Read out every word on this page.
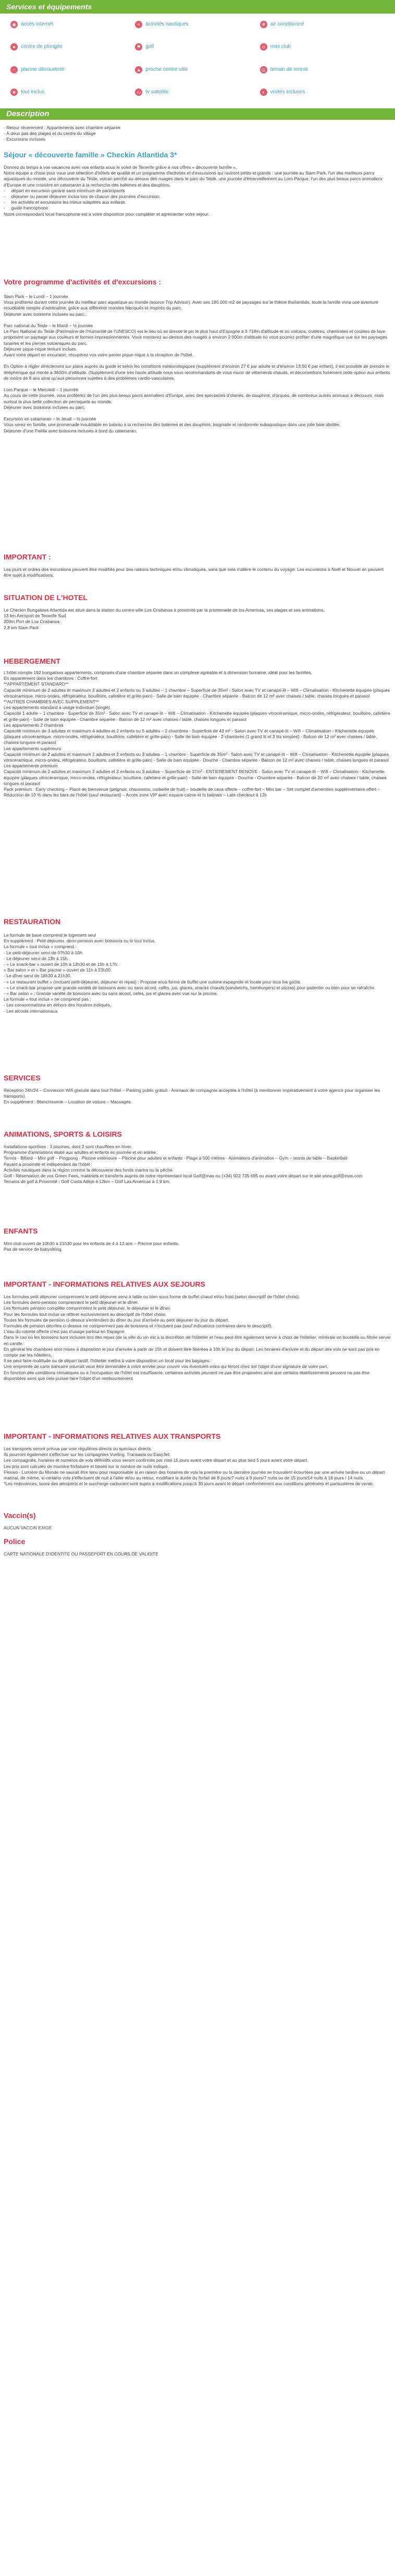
Services et équipements
◉ accès internet	≈	activités nautiques	✻ air conditionné
●	centre de plongée	⚑ golf	☺ mini club
~	piscine découverte	▲ proche centre ville	◎ terrain de tennis
★ tout inclus	▭ tv satellite	◐	visites incluses
Description
- Retour récemment : Appartements avec chambre séparée
- À deux pas des plages et du centre du village
- Excursions incluses
Séjour « découverte famille » Checkin Atlantida 3*
Donnez du temps à vos vacances avec vos enfants sous le soleil de Tenerife grâce à nos offres « découverte famille ».
Notre équipe a choisi pour vous une sélection d'hôtels de qualité et un programme d'activités et d'excursions qui raviront petits et grands : une journée au Siam Park, l'un des meilleurs parcs aquatiques du monde, une découverte du Teide, volcan perché au-dessus des nuages dans le parc du Teide, une journée d'émerveillement au Loro Parque, l'un des plus beaux parcs animaliers d'Europe et une croisière en catamaran à la recherche des baleines et des dauphins.
-     départ en excursion garanti sans minimum de participants
-     déjeuner ou panier déjeuner inclus lors de chacun des journées d'excursion.
-     les activités et excursions les mieux adaptées aux enfants.
-     guide francophone
Notre correspondant local francophone est à votre disposition pour compléter et agrémenter votre séjour.
Votre programme d'activités et d'excursions :
Siam Park – le Lundi – 1 journée
Vous profiterez durant cette journée du meilleur parc aquatique au monde (source Trip Advisor). Avec ses 185 000 m2 de paysages sur le thème thaïlandais, toute la famille vivra une aventure inoubliable remplie d'adrénaline, grâce aux différents mondes fabriqués et inspirés du parc.
Déjeuner avec boissons incluses au parc.

Parc national du Teide – le Mardi – ½ journée
Le Parc National du Teide (Patrimoine de l'Humanité de l'UNESCO) est le lieu où se dresse le pic le plus haut d'Espagne à 3 718m d'altitude et où volcans, cratères, cheminées et coulées de lave proposent un paysage aux couleurs et formes impressionnantes. Vous monterez au-dessus des nuages à environ 2 000m d'altitude où vous pourrez profiter d'une magnifique vue sur les paysages lunaires et les pierres volcaniques du parc.
Déjeuner pique-nique tenture inclues.
Avant votre départ en excursion, récupérez vos votre panier pique-nique à la réception de l'hôtel.

En Option à régler directement sur place auprès du guide et selon les conditions météorologiques (supplément d'environ 27 € par adulte et d'environ 13,50 € par enfant), il est possible de prendre le téléphérique qui monte à 3600m d'altitude. (Supplément d'une très haute altitude nous vous recommandons de vous munir de vêtements chauds, et déconseillons fortement cette option aux enfants de moins de 8 ans ainsi qu'aux personnes sujettes à des problèmes cardio-vasculaires.

Loro Parque – le Mercredi – 1 journée
Au cours de cette journée, vous profiterez de l'un des plus beaux parcs animaliers d'Europe, avec des spectacles d'otaries, de dauphins, d'orques, de nombreux autres animaux à découvrir, mais surtout la plus belle collection de perroquets au monde.
Déjeuner avec boissons incluses au parc.

Excursion en catamaran – le Jeudi – ½ journée
Vous serez en famille, une promenade inoubliable en bateau à la recherche des baleines et des dauphins, baignade et randonnée subaquatique dans une jolie baie abritée.
Déjeuner d'une Paëlla avec boissons incluses à bord du catamaran.
IMPORTANT :
Les jours et ordres des excursions peuvent être modifiés pour des raisons techniques et/ou climatiques, sans que cela n'altère le contenu du voyage. Les excursions à Noël et Nouvel an peuvent être sujet à modifications.
SITUATION DE L'HOTEL
Le Checkin Bungalows Atlantida est situé dans la station du centre-ville Los Cristianos à proximité par la promenade de los Americas, ses plages et ses animations.
13 km Aéroport de Tenerife Sud
200m Port de Los Cristianos
2,8 km Siam Park
HEBERGEMENT
L'hôtel compte 192 bungalows appartements, composés d'une chambre séparée dans un complexe agréable et à dimension humaine, idéal pour les familles.
En appartement dans les chambres : Coffre-fort
**APPARTEMENT STANDARD**
Capacité minimum de 2 adultes et maximum 2 adultes et 2 enfants ou 3 adultes – 1 chambre – Superficie de 35m² - Salon avec TV et canapé-lit – Wifi – Climatisation - Kitchenette équipée (plaques vitrocéramique, micro-ondes, réfrigérateur, bouilloire, cafetière et grille-pain) - Salle de bain équipée - Chambre séparée - Balcon de 12 m² avec chaises / table, chaises longues et parasol
**AUTRES CHAMBRES AVEC SUPPLEMENT**
Les appartements standard à usage individuel (single)
Capacité 1 adulte – 1 chambre - Superficie de 35m² - Salon avec TV et canapé-lit – Wifi – Climatisation - Kitchenette équipée (plaques vitrocéramique, micro-ondes, réfrigérateur, bouilloire, cafetière et grille-pain) - Salle de bain équipée - Chambre séparée - Balcon de 12 m² avec chaises / table, chaises longues et parasol
Les appartements 2 chambres
Capacité minimum de 3 adultes et maximum 4 adultes et 2 enfants ou 5 adultes – 2 chambres - Superficie de 43 m² - Salon avec TV et canapé-lit – Wifi – Climatisation - Kitchenette équipée (plaques vitrocéramique, micro-ondes, réfrigérateur, bouilloire, cafetière et grille-pain) - Salle de bain équipée - 2 chambres (1 grand lit et 2 lits simples) - Balcon de 12 m² avec chaises / table, chaises longues et parasol
Les appartements supérieurs
Capacité minimum de 2 adultes et maximum 2 adultes et 2 enfants ou 3 adultes – 1 chambre - Superficie de 35m² - Salon avec TV et canapé-lit – Wifi – Climatisation - Kitchenette équipée (plaques vitrocéramique, micro-ondes, réfrigérateur, bouilloire, cafetière et grille-pain) - Salle de bain équipée - Douche - Chambre séparée - Balcon de 12 m² avec chaises / table, chaises longues et parasol
Les appartements premium
Capacité minimum de 2 adultes et maximum 2 adultes et 2 enfants ou 3 adultes – Superficie de 37m² - ENTIEREMENT RENOVE - Salon avec TV et canapé-lit – Wifi – Climatisation - Kitchenette équipée (plaques vitrocéramique, micro-ondes, réfrigérateur, bouilloire, cafetière et grille-pain) - Salle de bain équipée - Douche - Chambre séparée - Balcon de 20 m² avec chaises / table, chaises longues et parasol
Pack premium : Early checking – Placé de bienvenue (peignoir, chaussons, corbeille de fruit) – bouteille de cava offerte – coffre-fort – Mini bar – Set complet d'amenities supplémentaire offert – Réduction de 10 % dans les bars de l'hôtel (sauf restaurant) – Accès zone VIP avec espace calme et hi balinais – Late checkout à 12h
RESTAURATION
La formule de base comprend le logement seul
En supplément : Petit déjeuner, demi-pension avec boissons ou le tout inclus.
La formule « tout inclus » comprend :
- Le petit-déjeuner servi de 07h30 à 10h.
- Le déjeuner servi de 13h à 15h.
- « Le snack-bar » ouvert de 10h à 12h30 et de 15h à 17h.
« Bar salon » et « Bar piscine » ouvert de 11h à 23h30.
- Le dîner servi de 18h30 à 21h30.
- « Le restaurant buffet » (incluant petit-déjeuner, déjeuner et repas) : Propose sous forme de buffet une cuisine espagnole et locale pour tous les goûts.
- « Le snack-bar propose une grande variété de boissons avec ou sans alcool, cafés, jus, glaces, snacks chauds (sandwichs, hamburgers) et pizzas) pour patienter ou bien pour se rafraîchir.
- « Bar salon » : Grande variété de boissons avec ou sans alcool, cafés, jus et glaces avec vue sur la piscine.
La formule « tout inclus » ne comprend pas :
- Les consommations en dehors des horaires indiqués.
- Les alcools internationaux.
SERVICES
Réception 24h/24 – Connexion Wifi gratuite dans tout l'hôtel – Parking public gratuit - Animaux de compagnie acceptés à l'hôtel (à mentionner impérativement à votre agence pour organiser les transports).
En supplément : Blanchisserie – Location de voiture – Massages.
ANIMATIONS, SPORTS & LOISIRS
Installations sportives : 3 piscines, dont 2 sont chauffées en hiver.
Programme d'animations établi aux adultes et enfants en journée et en soirée.
Tennis - Billard – Mini golf – Pingpong - Piscine extérieure – Piscine pour adultes et enfants - Plage à 500 mètres - Animations d'animation – Gym – tennis de table – Basketball
Payant à proximité et indépendant de l'hôtel :
Activités nautiques dans la région comme la découverte des fonds marins ou la pêche.
Golf - Réservation de vos Green Fees, matériels et transferts auprès de notre représentant local Golf@mas ou (+34) 922 735 695 ou avant votre départ sur le site www.golf@mas.com
Terrains de golf à Proximité : Golf Costa Adeje à 12km – Golf Las Americas à 1,9 km.
ENFANTS
Mini-club ouvert de 10h30 à 21h30 pour les enfants de 4 à 12 ans – Piscine pour enfants.
Pas de service de babysitting.
IMPORTANT - INFORMATIONS RELATIVES AUX SEJOURS
Les formules petit déjeuner comprennent le petit déjeuner servi à table ou bien sous forme de buffet chaud et/ou froid (selon descriptif de l'hôtel choisi).
Les formules demi-pension comprennent le petit déjeuner et le dîner.
Les formules pension complète comprennent le petit déjeuner, le déjeuner et le dîner.
Pour les formules tout inclus se référer exclusivement au descriptif de l'hôtel choisi.
Toutes les formules de pension ci-dessus s'entendent du dîner du jour d'arrivée au petit déjeuner du jour du départ.
Formules de pension décrites ci-dessus ne comprennent pas de boissons et n'incluent pas (sauf indications contraires dans le descriptif).
L'eau du robinet offerte n'est pas d'usage partout en Espagne.
Dans le cas où les boissons sont incluses lors des repas (de la ville du vin est à la discrétion de l'hôtelier et l'eau peut être également servie à choix de l'hôtelier, minérale en bouteille ou filtrée servie en carafe.
En général les chambres sont mises à disposition le jour d'arrivée à partir de 15h et doivent être libérées à 10h le jour du départ. Les horaires d'arrivée et du départ des vols ne sont pas pris en compte par les hôteliers.
Il se peut faire multitude ou de départ tardif, l'hôtelier mettra à votre disposition un local pour les bagages.
Une empreinte de carte bancaire pourrait vous être demandée à votre arrivée pour couvrir vos éventuels extra qui feront chez soi l'objet d'une signature de votre part.
En fonction des conditions climatiques ou à l'occupation de l'hôtel est insuffisante, certaines activités peuvent ne pas être proposées ainsi que certains établissements peuvent ne pas être disponibles sans que cela puisse faire l'objet d'un remboursement.
IMPORTANT - INFORMATIONS RELATIVES AUX TRANSPORTS
Les transports seront prévus par voie régulières directs ou spéciaux directs.
Ils pourront également s'effectuer sur les compagnies Vueling, Transavia ou EasyJet.
Les compagnies, horaires et numéros de vols définitifs vous seront confirmés par mail 15 jours avant votre départ et au plus tard 5 jours avant votre départ.
Les prix sont calculés de manière forfaitaire et basés sur le nombre de nuits indiqué.
Flexwo - Lumière du Monde ne saurait être tenu pour responsable si en raison des horaires de vols la première ou la dernière journée se trouvaient écourtées par une arrivée tardive ou un départ matinal, de même, si certains vols s'effectuent de nuit à l'aller et/ou au retour, modifiant la durée du forfait de 8 jours/7 nuits à 9 jours/7 nuits ou de 15 jours/14 nuits à 16 jours / 14 nuits.
*Les redevances, taxes des aéroports et le surcharge carburant sont sujets à modifications jusqu'à 30 jours avant le départ conformément aux conditions générales et particulières de vente.
Vaccin(s)
AUCUN VACCIN EXIGE
Police
CARTE NATIONALE D'IDENTITE OU PASSEPORT EN COURS DE VALIDITE
